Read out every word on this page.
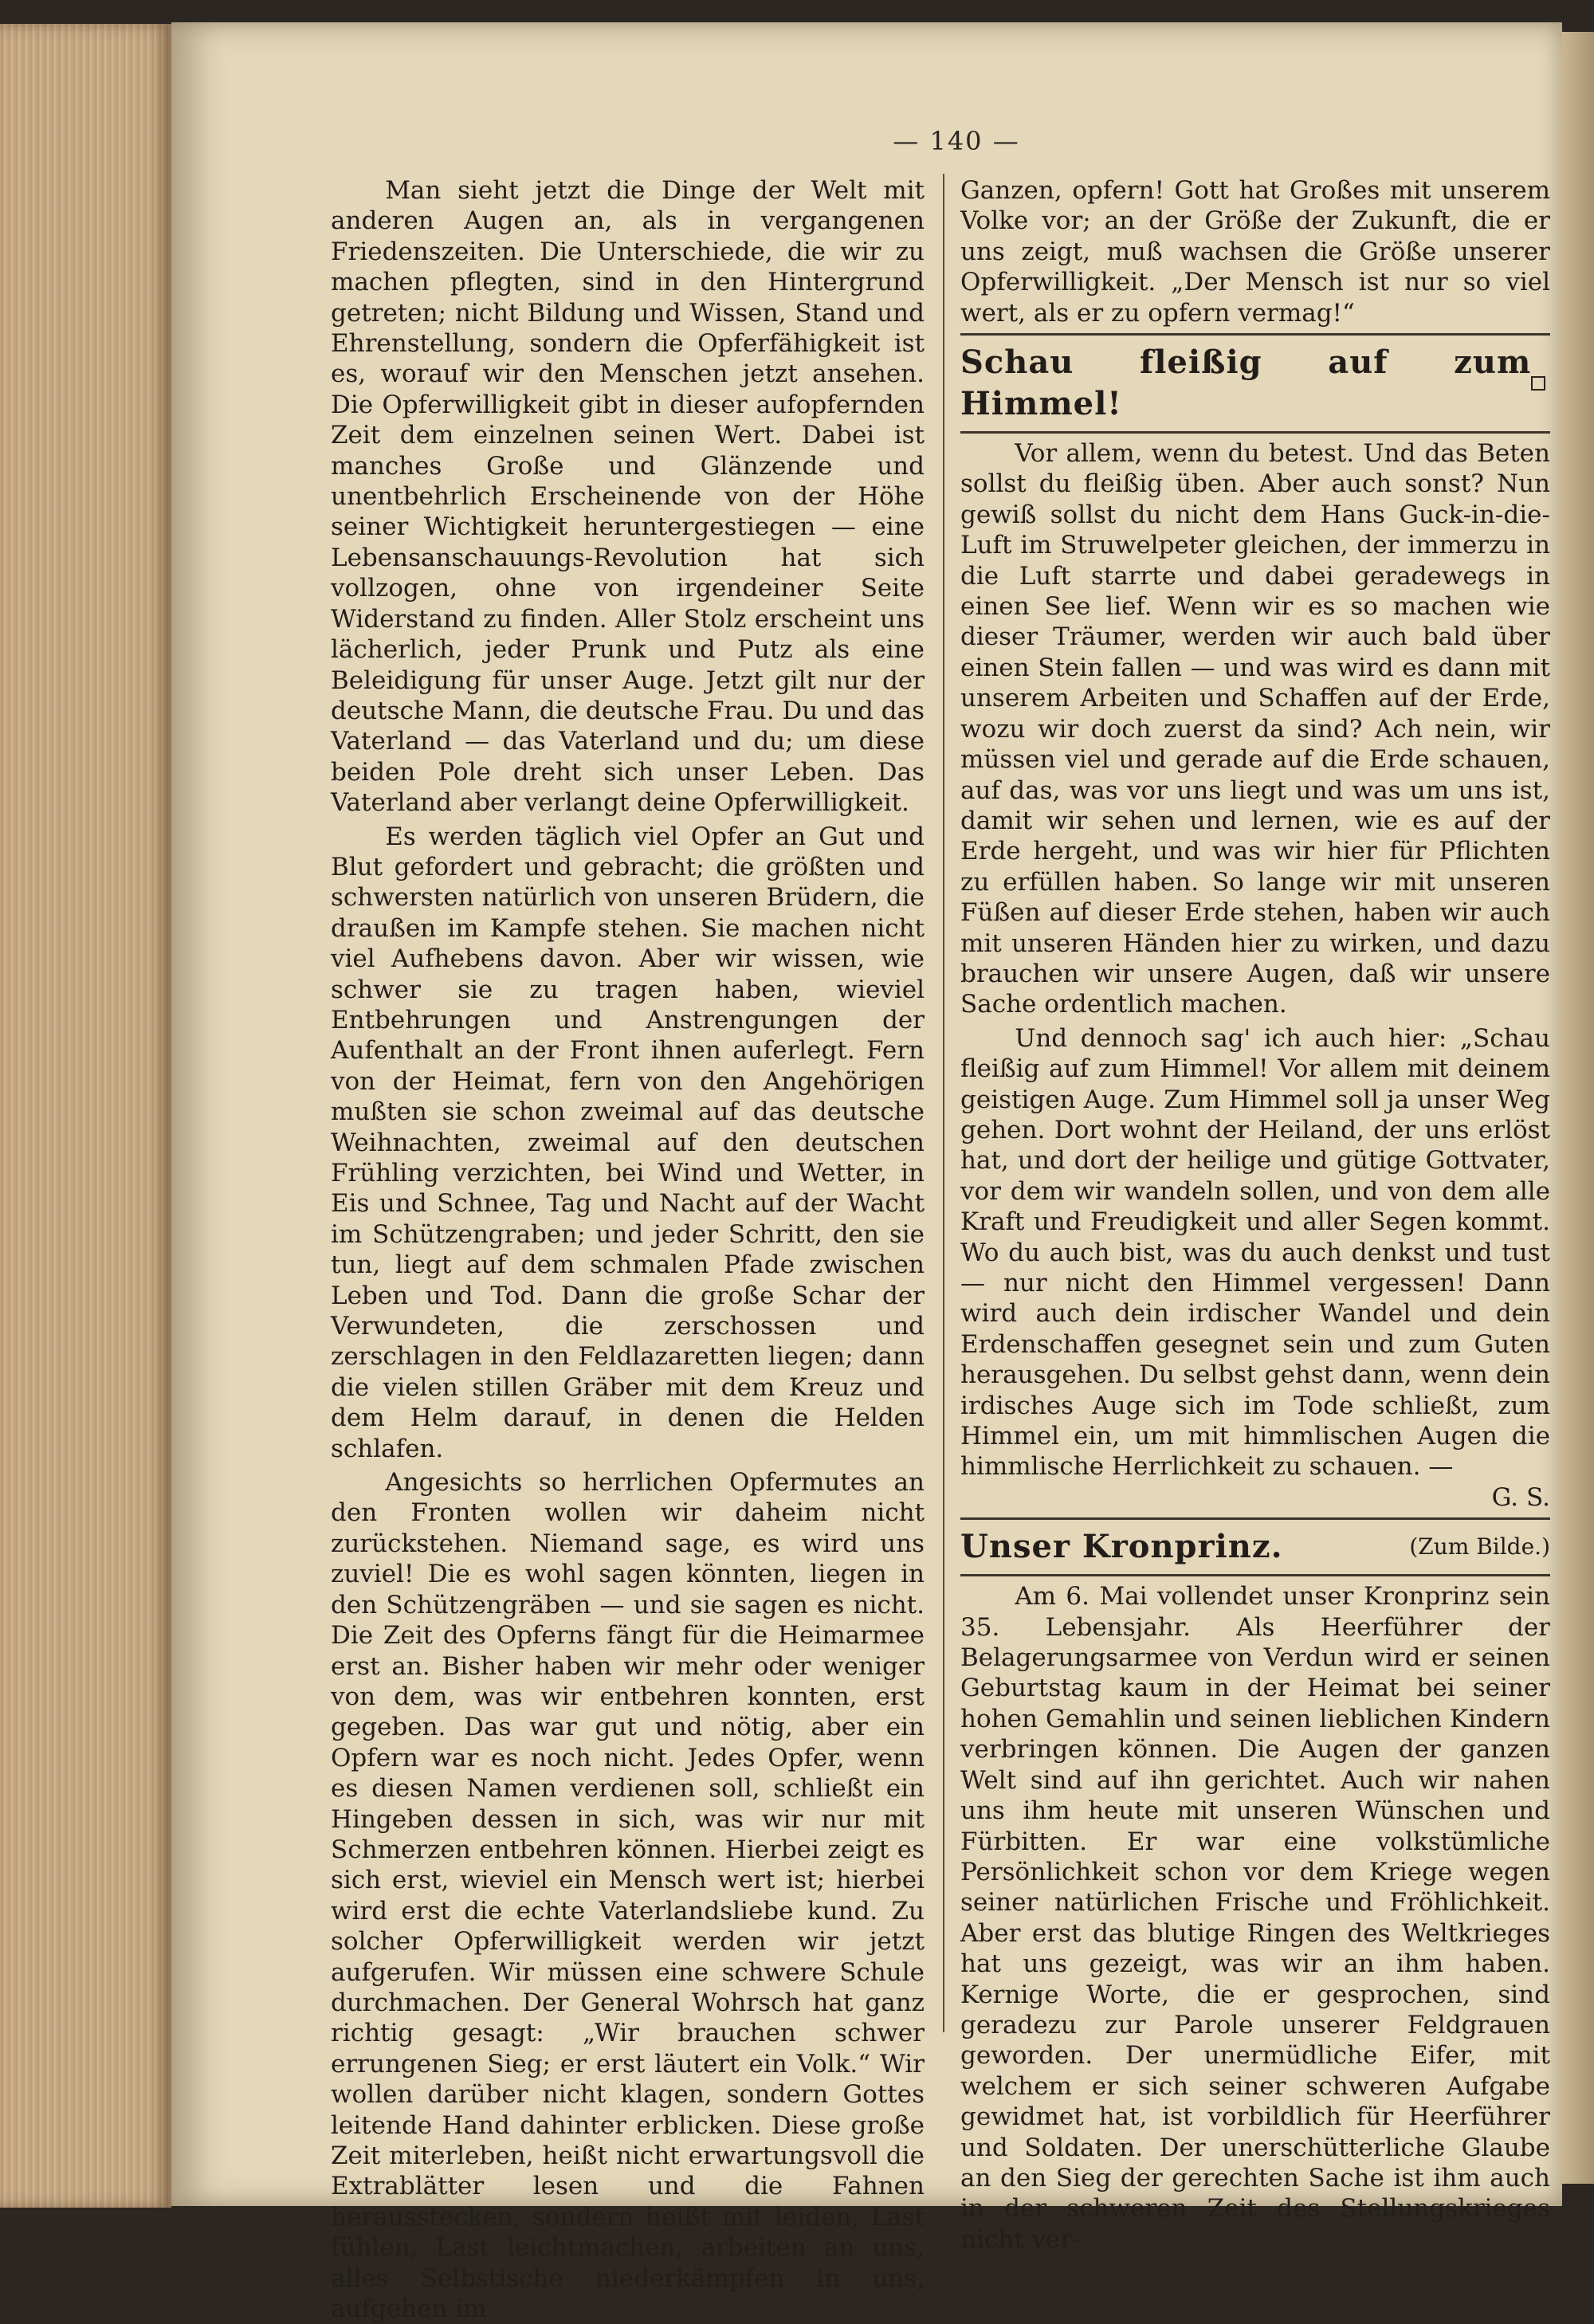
— 140 —

Man sieht jetzt die Dinge der Welt mit anderen Augen an, als in vergangenen Friedenszeiten. Die Unterschiede, die wir zu machen pflegten, sind in den Hintergrund getreten; nicht Bildung und Wissen, Stand und Ehrenstellung, sondern die Opferfähigkeit ist es, worauf wir den Menschen jetzt ansehen. Die Opferwilligkeit gibt in dieser aufopfernden Zeit dem einzelnen seinen Wert. Dabei ist manches Große und Glänzende und unentbehrlich Erscheinende von der Höhe seiner Wichtigkeit heruntergestiegen — eine Lebensanschauungs-Revolution hat sich vollzogen, ohne von irgendeiner Seite Widerstand zu finden. Aller Stolz erscheint uns lächerlich, jeder Prunk und Putz als eine Beleidigung für unser Auge. Jetzt gilt nur der deutsche Mann, die deutsche Frau. Du und das Vaterland — das Vaterland und du; um diese beiden Pole dreht sich unser Leben. Das Vaterland aber verlangt deine Opferwilligkeit.

Es werden täglich viel Opfer an Gut und Blut gefordert und gebracht; die größten und schwersten natürlich von unseren Brüdern, die draußen im Kampfe stehen. Sie machen nicht viel Aufhebens davon. Aber wir wissen, wie schwer sie zu tragen haben, wieviel Entbehrungen und Anstrengungen der Aufenthalt an der Front ihnen auferlegt. Fern von der Heimat, fern von den Angehörigen mußten sie schon zweimal auf das deutsche Weihnachten, zweimal auf den deutschen Frühling verzichten, bei Wind und Wetter, in Eis und Schnee, Tag und Nacht auf der Wacht im Schützengraben; und jeder Schritt, den sie tun, liegt auf dem schmalen Pfade zwischen Leben und Tod. Dann die große Schar der Verwundeten, die zerschossen und zerschlagen in den Feldlazaretten liegen; dann die vielen stillen Gräber mit dem Kreuz und dem Helm darauf, in denen die Helden schlafen.

Angesichts so herrlichen Opfermutes an den Fronten wollen wir daheim nicht zurückstehen. Niemand sage, es wird uns zuviel! Die es wohl sagen könnten, liegen in den Schützengräben — und sie sagen es nicht. Die Zeit des Opferns fängt für die Heimarmee erst an. Bisher haben wir mehr oder weniger von dem, was wir entbehren konnten, erst gegeben. Das war gut und nötig, aber ein Opfern war es noch nicht. Jedes Opfer, wenn es diesen Namen verdienen soll, schließt ein Hingeben dessen in sich, was wir nur mit Schmerzen entbehren können. Hierbei zeigt es sich erst, wieviel ein Mensch wert ist; hierbei wird erst die echte Vaterlandsliebe kund. Zu solcher Opferwilligkeit werden wir jetzt aufgerufen. Wir müssen eine schwere Schule durchmachen. Der General Wohrsch hat ganz richtig gesagt: „Wir brauchen schwer errungenen Sieg; er erst läutert ein Volk.“ Wir wollen darüber nicht klagen, sondern Gottes leitende Hand dahinter erblicken. Diese große Zeit miterleben, heißt nicht erwartungsvoll die Extrablätter lesen und die Fahnen herausstecken, sondern heißt mit leiden, Last fühlen, Last leichtmachen, arbeiten an uns, alles Selbstische niederkämpfen in uns, aufgehen im

Ganzen, opfern! Gott hat Großes mit unserem Volke vor; an der Größe der Zukunft, die er uns zeigt, muß wachsen die Größe unserer Opferwilligkeit. „Der Mensch ist nur so viel wert, als er zu opfern vermag!“

Schau fleißig auf zum Himmel!

Vor allem, wenn du betest. Und das Beten sollst du fleißig üben. Aber auch sonst? Nun gewiß sollst du nicht dem Hans Guck-in-die-Luft im Struwelpeter gleichen, der immerzu in die Luft starrte und dabei geradewegs in einen See lief. Wenn wir es so machen wie dieser Träumer, werden wir auch bald über einen Stein fallen — und was wird es dann mit unserem Arbeiten und Schaffen auf der Erde, wozu wir doch zuerst da sind? Ach nein, wir müssen viel und gerade auf die Erde schauen, auf das, was vor uns liegt und was um uns ist, damit wir sehen und lernen, wie es auf der Erde hergeht, und was wir hier für Pflichten zu erfüllen haben. So lange wir mit unseren Füßen auf dieser Erde stehen, haben wir auch mit unseren Händen hier zu wirken, und dazu brauchen wir unsere Augen, daß wir unsere Sache ordentlich machen.

Und dennoch sag' ich auch hier: „Schau fleißig auf zum Himmel! Vor allem mit deinem geistigen Auge. Zum Himmel soll ja unser Weg gehen. Dort wohnt der Heiland, der uns erlöst hat, und dort der heilige und gütige Gottvater, vor dem wir wandeln sollen, und von dem alle Kraft und Freudigkeit und aller Segen kommt. Wo du auch bist, was du auch denkst und tust — nur nicht den Himmel vergessen! Dann wird auch dein irdischer Wandel und dein Erdenschaffen gesegnet sein und zum Guten herausgehen. Du selbst gehst dann, wenn dein irdisches Auge sich im Tode schließt, zum Himmel ein, um mit himmlischen Augen die himmlische Herrlichkeit zu schauen. —

G. S.
Unser Kronprinz.	(Zum Bilde.)

Am 6. Mai vollendet unser Kronprinz sein 35. Lebensjahr. Als Heerführer der Belagerungsarmee von Verdun wird er seinen Geburtstag kaum in der Heimat bei seiner hohen Gemahlin und seinen lieblichen Kindern verbringen können. Die Augen der ganzen Welt sind auf ihn gerichtet. Auch wir nahen uns ihm heute mit unseren Wünschen und Fürbitten. Er war eine volkstümliche Persönlichkeit schon vor dem Kriege wegen seiner natürlichen Frische und Fröhlichkeit. Aber erst das blutige Ringen des Weltkrieges hat uns gezeigt, was wir an ihm haben. Kernige Worte, die er gesprochen, sind geradezu zur Parole unserer Feldgrauen geworden. Der unermüdliche Eifer, mit welchem er sich seiner schweren Aufgabe gewidmet hat, ist vorbildlich für Heerführer und Soldaten. Der unerschütterliche Glaube an den Sieg der gerechten Sache ist ihm auch in der schweren Zeit des Stellungskrieges nicht ver-
